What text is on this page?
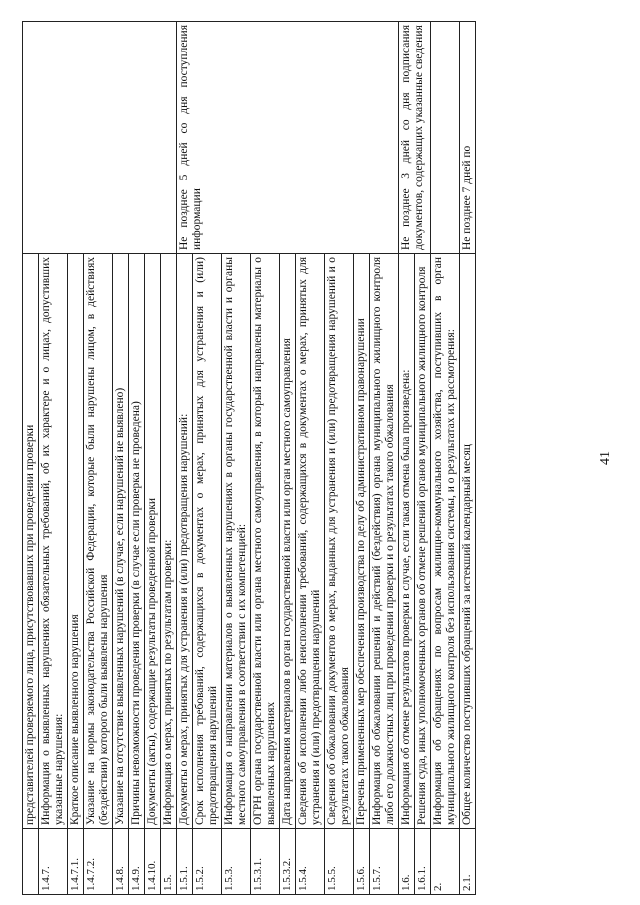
41
	представителей проверяемого лица, присутствовавших при проведении проверки	
1.4.7.	Информация о выявленных нарушениях обязательных требований, об их характере и о лицах, допустивших указанные нарушения:	
1.4.7.1.	Краткое описание выявленного нарушения	
1.4.7.2.	Указание на нормы законодательства Российской Федерации, которые были нарушены лицом, в действиях (бездействии) которого были выявлены нарушения	
1.4.8.	Указание на отсутствие выявленных нарушений (в случае, если нарушений не выявлено)	
1.4.9.	Причины невозможности проведения проверки (в случае если проверка не проведена)	
1.4.10.	Документы (акты), содержащие результаты проведенной проверки	
1.5.	Информация о мерах, принятых по результатам проверки:	
1.5.1.	Документы о мерах, принятых для устранения и (или) предотвращения нарушений:	Не позднее 5 дней со дня поступления информации
1.5.2.	Срок исполнения требований, содержащихся в документах о мерах, принятых для устранения и (или) предотвращения нарушений	
1.5.3.	Информация о направлении материалов о выявленных нарушениях в органы государственной власти и органы местного самоуправления в соответствии с их компетенцией:	
1.5.3.1.	ОГРН органа государственной власти или органа местного самоуправления, в который направлены материалы о выявленных нарушениях	
1.5.3.2.	Дата направления материалов в орган государственной власти или орган местного самоуправления	
1.5.4.	Сведения об исполнении либо неисполнении требований, содержащихся в документах о мерах, принятых для устранения и (или) предотвращения нарушений	
1.5.5.	Сведения об обжаловании документов о мерах, выданных для устранения и (или) предотвращения нарушений и о результатах такого обжалования	
1.5.6.	Перечень примененных мер обеспечения производства по делу об административном правонарушении	
1.5.7.	Информация об обжаловании решений и действий (бездействия) органа муниципального жилищного контроля либо его должностных лиц при проведении проверки и о результатах такого обжалования	
1.6.	Информация об отмене результатов проверки в случае, если такая отмена была произведена:	Не позднее 3 дней со дня подписания документов, содержащих указанные сведения
1.6.1.	Решения суда, иных уполномоченных органов об отмене решений органов муниципального жилищного контроля	
2.	Информация об обращениях по вопросам жилищно-коммунального хозяйства, поступивших в орган муниципального жилищного контроля без использования системы, и о результатах их рассмотрения:	
2.1.	Общее количество поступивших обращений за истекший календарный месяц	Не позднее 7 дней по
